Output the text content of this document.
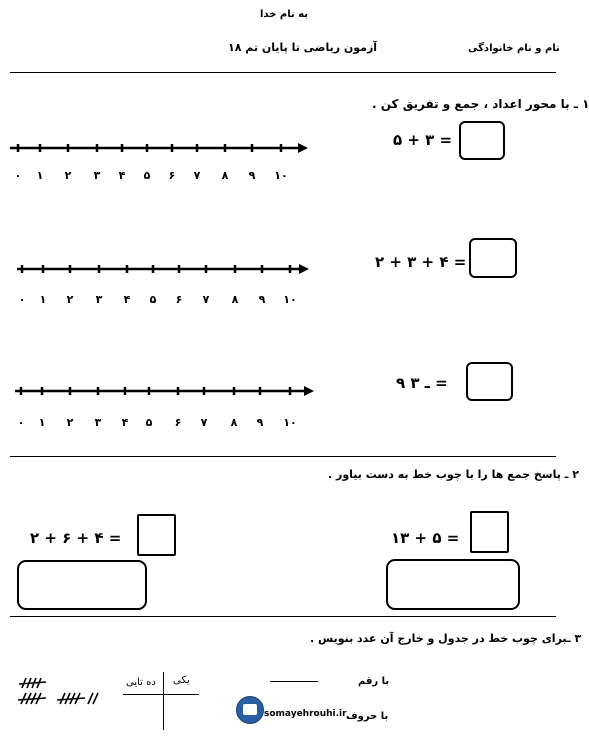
به نام خدا
نام و نام خانوادگی
آزمون ریاضی تا پایان تم ۱۸
۱ ـ با محور اعداد ، جمع و تفریق کن .
۵ + ۳ =
۲ + ۳ + ۴ =
۹ ـ ۳ =
۰ ۱ ۲ ۳ ۴ ۵ ۶ ۷ ۸ ۹ ۱۰
۰ ۱ ۲ ۳ ۴ ۵ ۶ ۷ ۸ ۹ ۱۰
۰ ۱ ۲ ۳ ۴ ۵ ۶ ۷ ۸ ۹ ۱۰
۲ ـ پاسخ جمع ها را با چوب خط به دست بیاور .
۱۳ + ۵ =
۲ + ۶ + ۴ =
۳ ـبرای چوب خط در جدول و خارج آن عدد بنویس .
با رقم
با حروف
یکی
ده تایی
somayehrouhi.ir
